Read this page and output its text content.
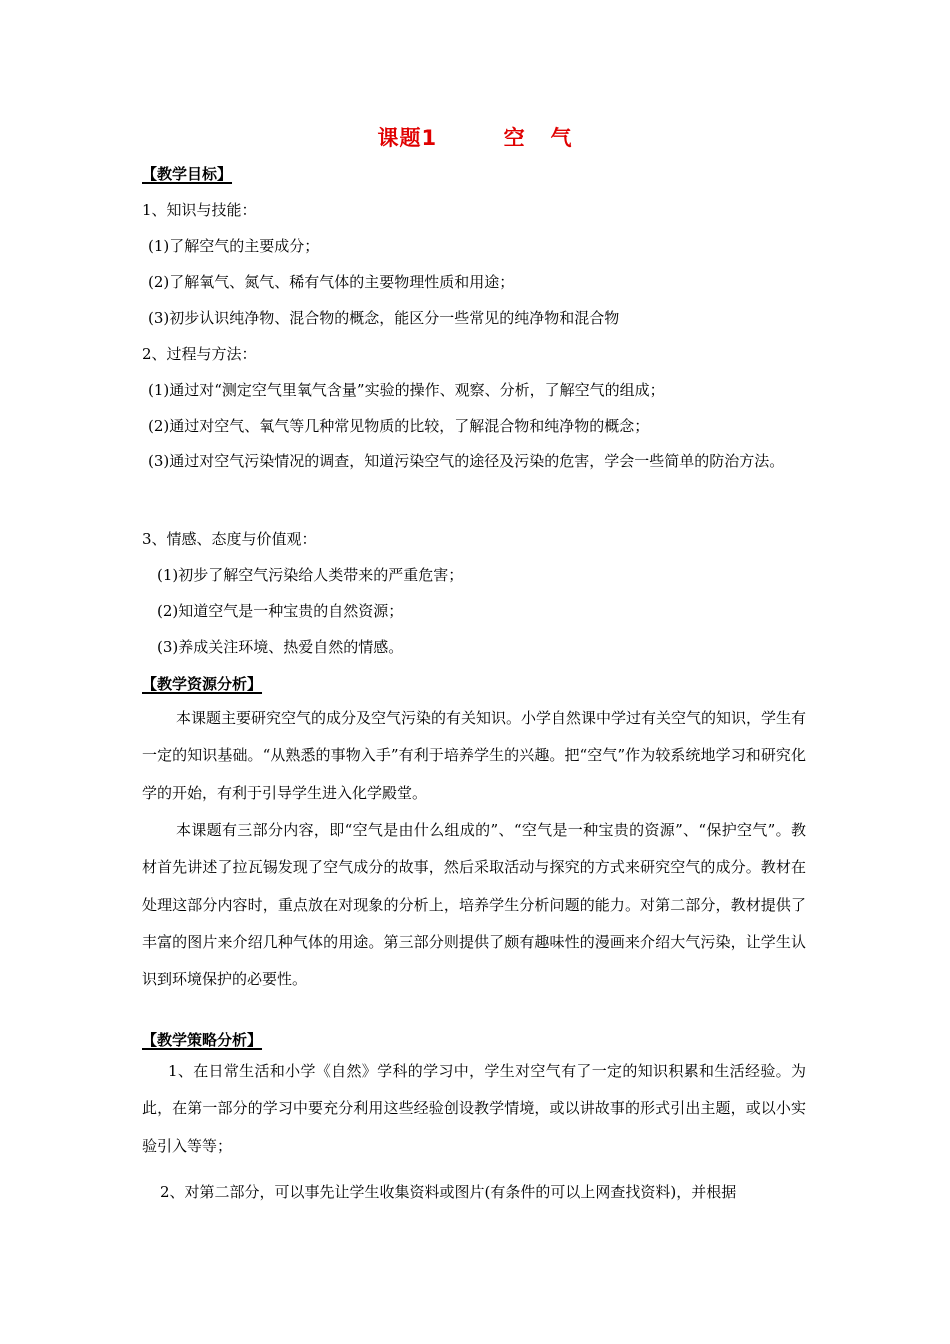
课题1        空   气
【教学目标】
1、知识与技能：
(1)了解空气的主要成分；
(2)了解氧气、氮气、稀有气体的主要物理性质和用途；
(3)初步认识纯净物、混合物的概念，能区分一些常见的纯净物和混合物
2、过程与方法：
(1)通过对“测定空气里氧气含量”实验的操作、观察、分析，了解空气的组成；
(2)通过对空气、氧气等几种常见物质的比较，了解混合物和纯净物的概念；
(3)通过对空气污染情况的调查，知道污染空气的途径及污染的危害，学会一些简单的防治方法。
3、情感、态度与价值观：
(1)初步了解空气污染给人类带来的严重危害；
(2)知道空气是一种宝贵的自然资源；
(3)养成关注环境、热爱自然的情感。
【教学资源分析】
本课题主要研究空气的成分及空气污染的有关知识。小学自然课中学过有关空气的知识，学生有一定的知识基础。“从熟悉的事物入手”有利于培养学生的兴趣。把“空气”作为较系统地学习和研究化学的开始，有利于引导学生进入化学殿堂。
本课题有三部分内容，即“空气是由什么组成的”、“空气是一种宝贵的资源”、“保护空气”。教材首先讲述了拉瓦锡发现了空气成分的故事，然后采取活动与探究的方式来研究空气的成分。教材在处理这部分内容时，重点放在对现象的分析上，培养学生分析问题的能力。对第二部分，教材提供了丰富的图片来介绍几种气体的用途。第三部分则提供了颇有趣味性的漫画来介绍大气污染，让学生认识到环境保护的必要性。
【教学策略分析】
1、在日常生活和小学《自然》学科的学习中，学生对空气有了一定的知识积累和生活经验。为此，在第一部分的学习中要充分利用这些经验创设教学情境，或以讲故事的形式引出主题，或以小实验引入等等；
2、对第二部分，可以事先让学生收集资料或图片(有条件的可以上网查找资料)，并根据
